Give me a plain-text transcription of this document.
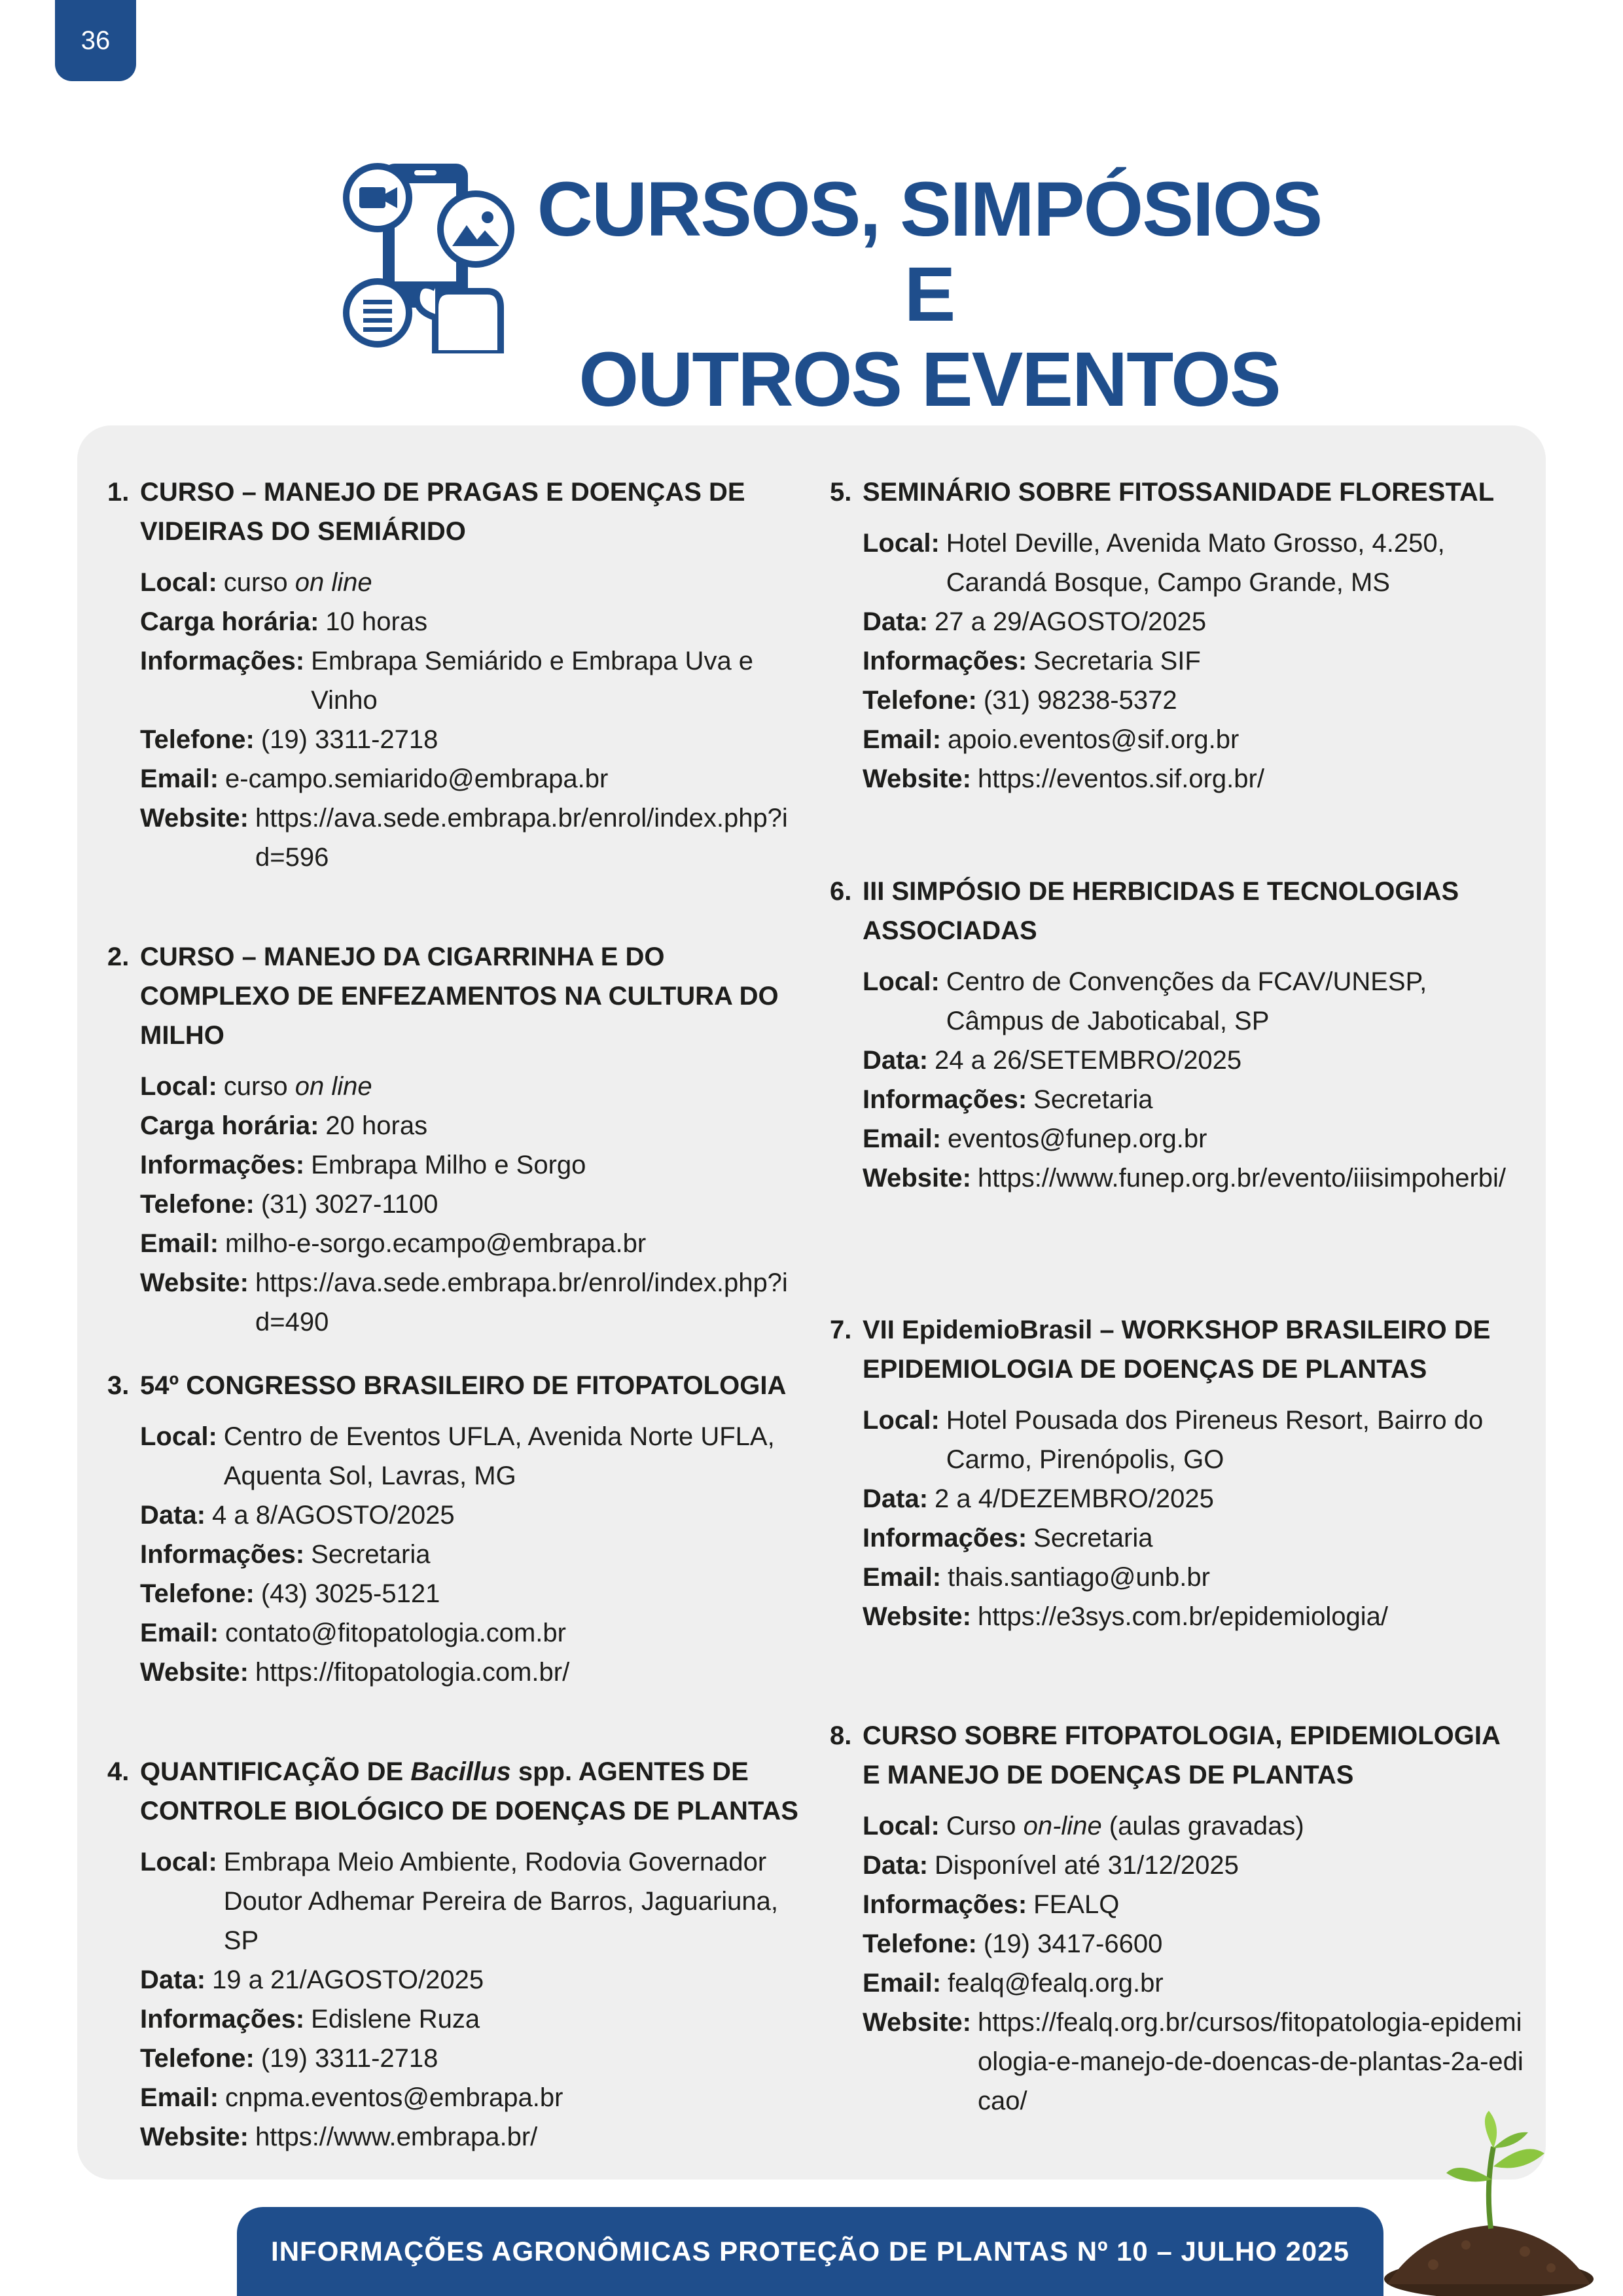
36
CURSOS, SIMPÓSIOS E
OUTROS EVENTOS

1. CURSO – MANEJO DE PRAGAS E DOENÇAS DE VIDEIRAS DO SEMIÁRIDO

Local: curso on line
Carga horária: 10 horas
Informações: Embrapa Semiárido e Embrapa Uva e Vinho
Telefone: (19) 3311-2718
Email: e-campo.semiarido@embrapa.br
Website: https://ava.sede.embrapa.br/enrol/index.php?id=596

2. CURSO – MANEJO DA CIGARRINHA E DO COMPLEXO DE ENFEZAMENTOS NA CULTURA DO MILHO

Local: curso on line
Carga horária: 20 horas
Informações: Embrapa Milho e Sorgo
Telefone: (31) 3027-1100
Email: milho-e-sorgo.ecampo@embrapa.br
Website: https://ava.sede.embrapa.br/enrol/index.php?id=490

3. 54º CONGRESSO BRASILEIRO DE FITOPATOLOGIA

Local: Centro de Eventos UFLA, Avenida Norte UFLA, Aquenta Sol, Lavras, MG
Data: 4 a 8/AGOSTO/2025
Informações: Secretaria
Telefone: (43) 3025-5121
Email: contato@fitopatologia.com.br
Website: https://fitopatologia.com.br/

4. QUANTIFICAÇÃO DE Bacillus spp. AGENTES DE CONTROLE BIOLÓGICO DE DOENÇAS DE PLANTAS

Local: Embrapa Meio Ambiente, Rodovia Governador Doutor Adhemar Pereira de Barros, Jaguariuna, SP
Data: 19 a 21/AGOSTO/2025
Informações: Edislene Ruza
Telefone: (19) 3311-2718
Email: cnpma.eventos@embrapa.br
Website: https://www.embrapa.br/

5. SEMINÁRIO SOBRE FITOSSANIDADE FLORESTAL

Local: Hotel Deville, Avenida Mato Grosso, 4.250, Carandá Bosque, Campo Grande, MS
Data: 27 a 29/AGOSTO/2025
Informações: Secretaria SIF
Telefone: (31) 98238-5372
Email: apoio.eventos@sif.org.br
Website: https://eventos.sif.org.br/

6. III SIMPÓSIO DE HERBICIDAS E TECNOLOGIAS ASSOCIADAS

Local: Centro de Convenções da FCAV/UNESP, Câmpus de Jaboticabal, SP
Data: 24 a 26/SETEMBRO/2025
Informações: Secretaria
Email: eventos@funep.org.br
Website: https://www.funep.org.br/evento/iiisimpoherbi/

7. VII EpidemioBrasil – WORKSHOP BRASILEIRO DE EPIDEMIOLOGIA DE DOENÇAS DE PLANTAS

Local: Hotel Pousada dos Pireneus Resort, Bairro do Carmo, Pirenópolis, GO
Data: 2 a 4/DEZEMBRO/2025
Informações: Secretaria
Email: thais.santiago@unb.br
Website: https://e3sys.com.br/epidemiologia/

8. CURSO SOBRE FITOPATOLOGIA, EPIDEMIOLOGIA E MANEJO DE DOENÇAS DE PLANTAS

Local: Curso on-line (aulas gravadas)
Data: Disponível até 31/12/2025
Informações: FEALQ
Telefone: (19) 3417-6600
Email: fealq@fealq.org.br
Website: https://fealq.org.br/cursos/fitopatologia-epidemiologia-e-manejo-de-doencas-de-plantas-2a-edicao/
INFORMAÇÕES AGRONÔMICAS PROTEÇÃO DE PLANTAS Nº 10 – JULHO 2025
